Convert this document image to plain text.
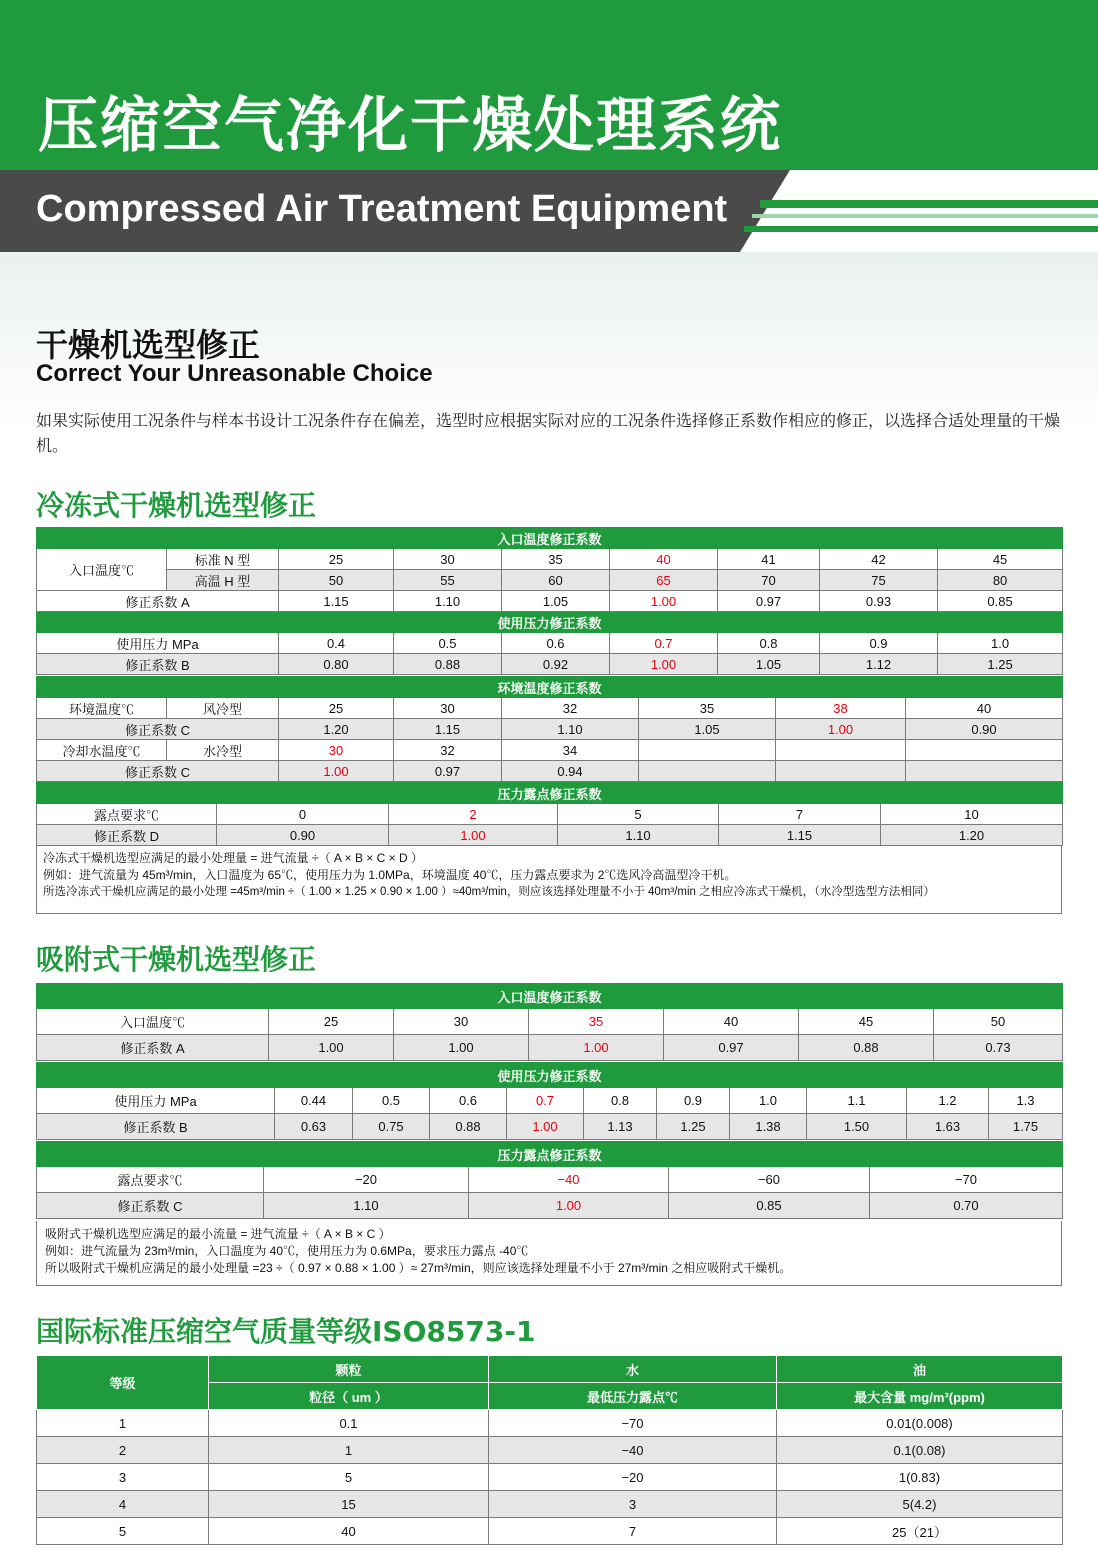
压缩空气净化干燥处理系统
Compressed Air Treatment Equipment
干燥机选型修正
Correct Your Unreasonable Choice
如果实际使用工况条件与样本书设计工况条件存在偏差，选型时应根据实际对应的工况条件选择修正系数作相应的修正，以选择合适处理量的干燥机。
冷冻式干燥机选型修正
入口温度修正系数								
入口温度℃	标准 N 型	25	30	35	40	41	42	45
	高温 H 型	50	55	60	65	70	75	80
修正系数 A		1.15	1.10	1.05	1.00	0.97	0.93	0.85
使用压力修正系数								
使用压力 MPa		0.4	0.5	0.6	0.7	0.8	0.9	1.0
修正系数 B		0.80	0.88	0.92	1.00	1.05	1.12	1.25
环境温度修正系数							
环境温度℃	风冷型	25	30	32	35	38	40
修正系数 C		1.20	1.15	1.10	1.05	1.00	0.90
冷却水温度℃	水冷型	30	32	34			
修正系数 C		1.00	0.97	0.94			
压力露点修正系数					
露点要求℃	0	2	5	7	10
修正系数 D	0.90	1.00	1.10	1.15	1.20
冷冻式干燥机选型应满足的最小处理量 = 进气流量 ÷（ A × B × C × D ）
例如：进气流量为 45m³/min，入口温度为 65℃，使用压力为 1.0MPa，环境温度 40℃，压力露点要求为 2℃选风冷高温型冷干机。
所选冷冻式干燥机应满足的最小处理 =45m³/min ÷（ 1.00 × 1.25 × 0.90 × 1.00 ）≈40m³/min，则应该选择处理量不小于 40m³/min 之相应冷冻式干燥机，（水冷型选型方法相同）
吸附式干燥机选型修正
入口温度修正系数						
入口温度℃	25	30	35	40	45	50
修正系数 A	1.00	1.00	1.00	0.97	0.88	0.73
使用压力修正系数										
使用压力 MPa	0.44	0.5	0.6	0.7	0.8	0.9	1.0	1.1	1.2	1.3
修正系数 B	0.63	0.75	0.88	1.00	1.13	1.25	1.38	1.50	1.63	1.75
压力露点修正系数				
露点要求℃	−20	−40	−60	−70
修正系数 C	1.10	1.00	0.85	0.70
吸附式干燥机选型应满足的最小流量 = 进气流量 ÷（ A × B × C ）
例如：进气流量为 23m³/min，入口温度为 40℃，使用压力为 0.6MPa，要求压力露点 -40℃
所以吸附式干燥机应满足的最小处理量 =23 ÷（ 0.97 × 0.88 × 1.00 ）≈ 27m³/min，则应该选择处理量不小于 27m³/min 之相应吸附式干燥机。
国际标准压缩空气质量等级ISO8573-1
等级	颗粒	水	油
	粒径（ um ）	最低压力露点℃	最大含量 mg/m³(ppm)
1	0.1	−70	0.01(0.008)
2	1	−40	0.1(0.08)
3	5	−20	1(0.83)
4	15	3	5(4.2)
5	40	7	25（21）
